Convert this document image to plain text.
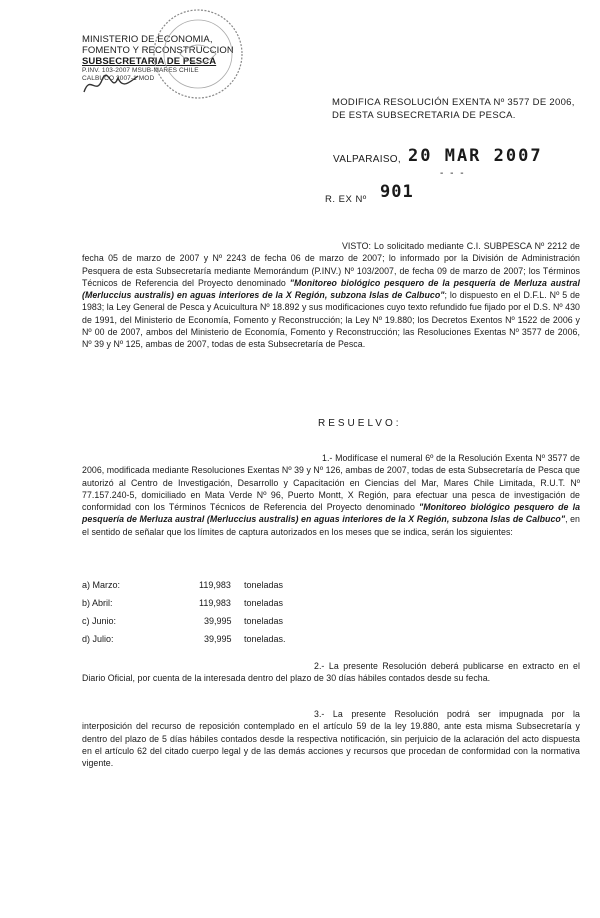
MINISTERIO DE ECONOMIA,
FOMENTO Y RECONSTRUCCION
SUBSECRETARIA DE PESCA
P.INV. 103-2007 MSUB-MARES CHILE
CALBUCO 2007-1 MOD
MODIFICA RESOLUCIÓN EXENTA Nº 3577 DE 2006, DE ESTA SUBSECRETARIA DE PESCA.
VALPARAISO, 20 MAR 2007
- - -
R. EX Nº 901
VISTO: Lo solicitado mediante C.I. SUBPESCA Nº 2212 de fecha 05 de marzo de 2007 y Nº 2243 de fecha 06 de marzo de 2007; lo informado por la División de Administración Pesquera de esta Subsecretaría mediante Memorándum (P.INV.) Nº 103/2007, de fecha 09 de marzo de 2007; los Términos Técnicos de Referencia del Proyecto denominado "Monitoreo biológico pesquero de la pesquería de Merluza austral (Merluccius australis) en aguas interiores de la X Región, subzona Islas de Calbuco"; lo dispuesto en el D.F.L. Nº 5 de 1983; la Ley General de Pesca y Acuicultura Nº 18.892 y sus modificaciones cuyo texto refundido fue fijado por el D.S. Nº 430 de 1991, del Ministerio de Economía, Fomento y Reconstrucción; la Ley Nº 19.880; los Decretos Exentos Nº 1522 de 2006 y Nº 00 de 2007, ambos del Ministerio de Economía, Fomento y Reconstrucción; las Resoluciones Exentas Nº 3577 de 2006, Nº 39 y Nº 125, ambas de 2007, todas de esta Subsecretaría de Pesca.
RESUELVO:
1.- Modifícase el numeral 6º de la Resolución Exenta Nº 3577 de 2006, modificada mediante Resoluciones Exentas Nº 39 y Nº 126, ambas de 2007, todas de esta Subsecretaría de Pesca que autorizó al Centro de Investigación, Desarrollo y Capacitación en Ciencias del Mar, Mares Chile Limitada, R.U.T. Nº 77.157.240-5, domiciliado en Mata Verde Nº 96, Puerto Montt, X Región, para efectuar una pesca de investigación de conformidad con los Términos Técnicos de Referencia del Proyecto denominado "Monitoreo biológico pesquero de la pesquería de Merluza austral (Merluccius australis) en aguas interiores de la X Región, subzona Islas de Calbuco", en el sentido de señalar que los límites de captura autorizados en los meses que se indica, serán los siguientes:
a) Marzo:	119,983 toneladas
b) Abril:	119,983 toneladas
c) Junio:	39,995 toneladas
d) Julio:	39,995 toneladas.
2.- La presente Resolución deberá publicarse en extracto en el Diario Oficial, por cuenta de la interesada dentro del plazo de 30 días hábiles contados desde su fecha.
3.- La presente Resolución podrá ser impugnada por la interposición del recurso de reposición contemplado en el artículo 59 de la ley 19.880, ante esta misma Subsecretaría y dentro del plazo de 5 días hábiles contados desde la respectiva notificación, sin perjuicio de la aclaración del acto dispuesta en el artículo 62 del citado cuerpo legal y de las demás acciones y recursos que procedan de conformidad con la normativa vigente.
